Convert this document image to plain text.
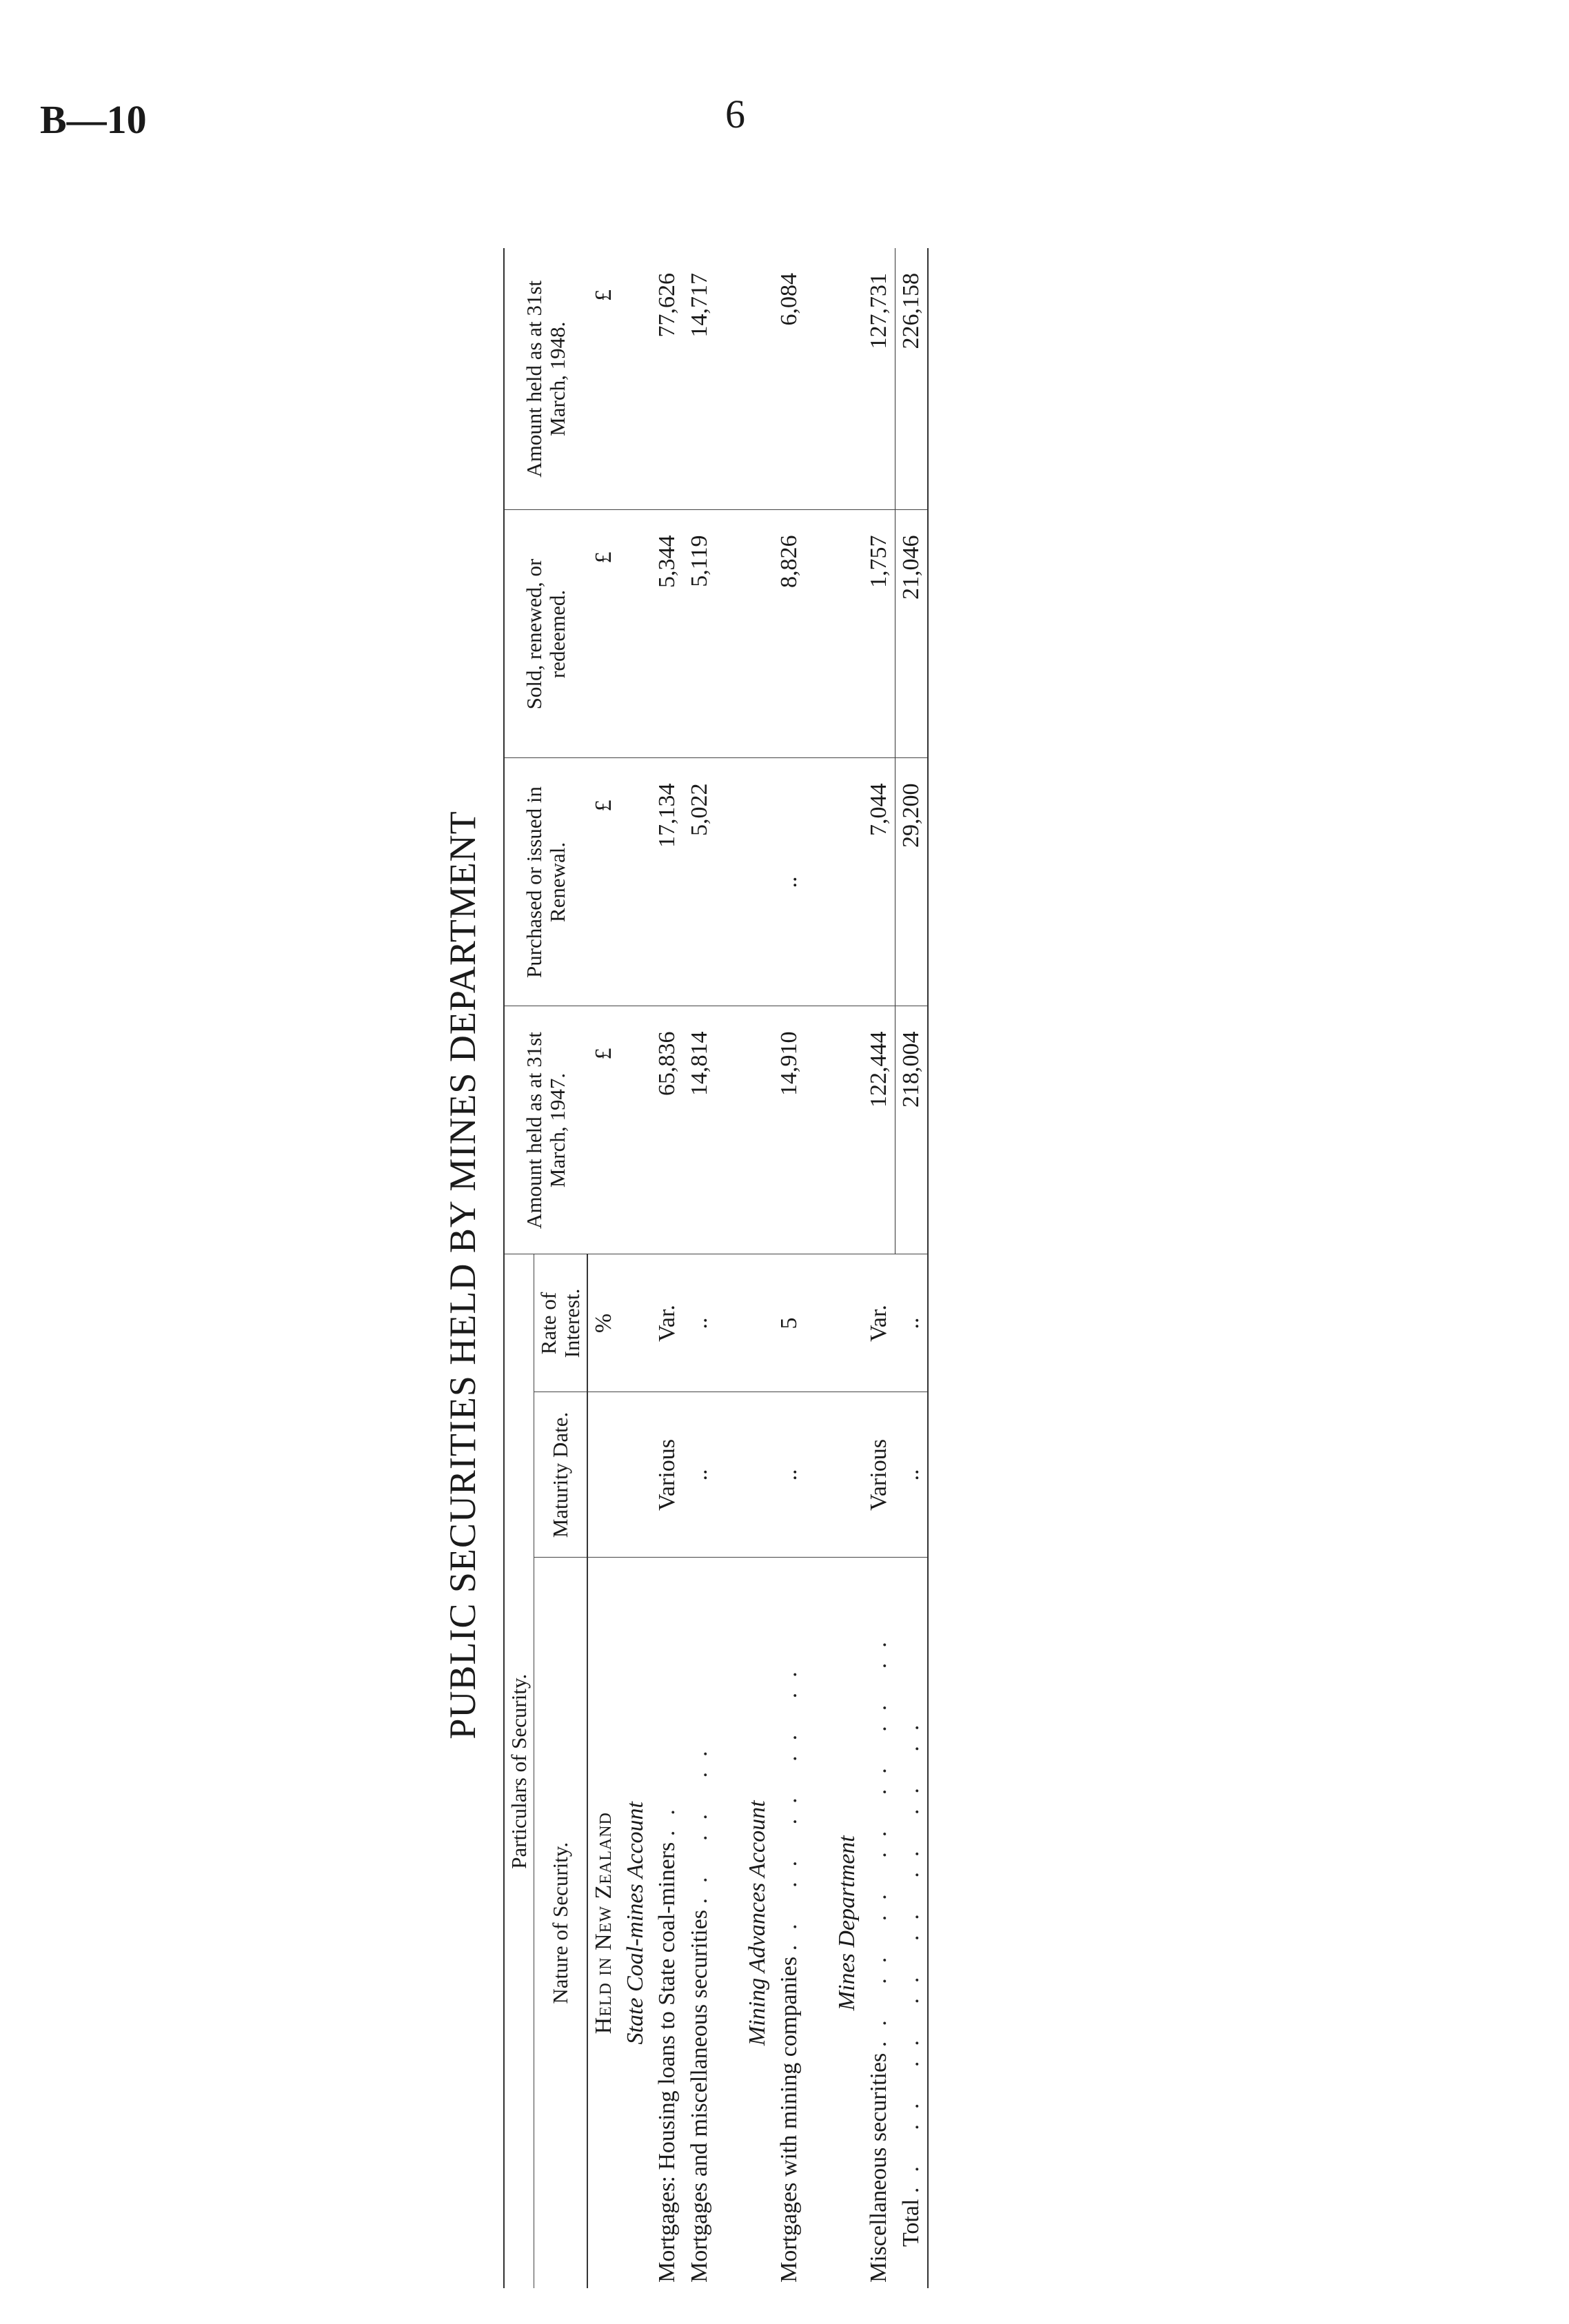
B—10	6
PUBLIC SECURITIES HELD BY MINES DEPARTMENT
Particulars of Security.			Amount held as at 31st March, 1947.	Purchased or issued in Renewal.	Sold, renewed, or redeemed.	Amount held as at 31st March, 1948.
Nature of Security.	Maturity Date.	Rate of Interest.				
Held in New Zealand		%	£	£	£	£
State Coal-mines Account						
Mortgages: Housing loans to State coal-miners ..	Various	Var.	65,836	17,134	5,344	77,626
Mortgages and miscellaneous securities .. .. ..	..	..	14,814	5,022	5,119	14,717

Mining Advances Account						
Mortgages with mining companies .. .. .. .. ..	..	5	14,910	..	8,826	6,084

Mines Department						
Miscellaneous securities .. .. .. .. .. .. ..	Various	Var.	122,444	7,044	1,757	127,731
Total .. .. .. .. .. .. .. ..	..	..	218,004	29,200	21,046	226,158
